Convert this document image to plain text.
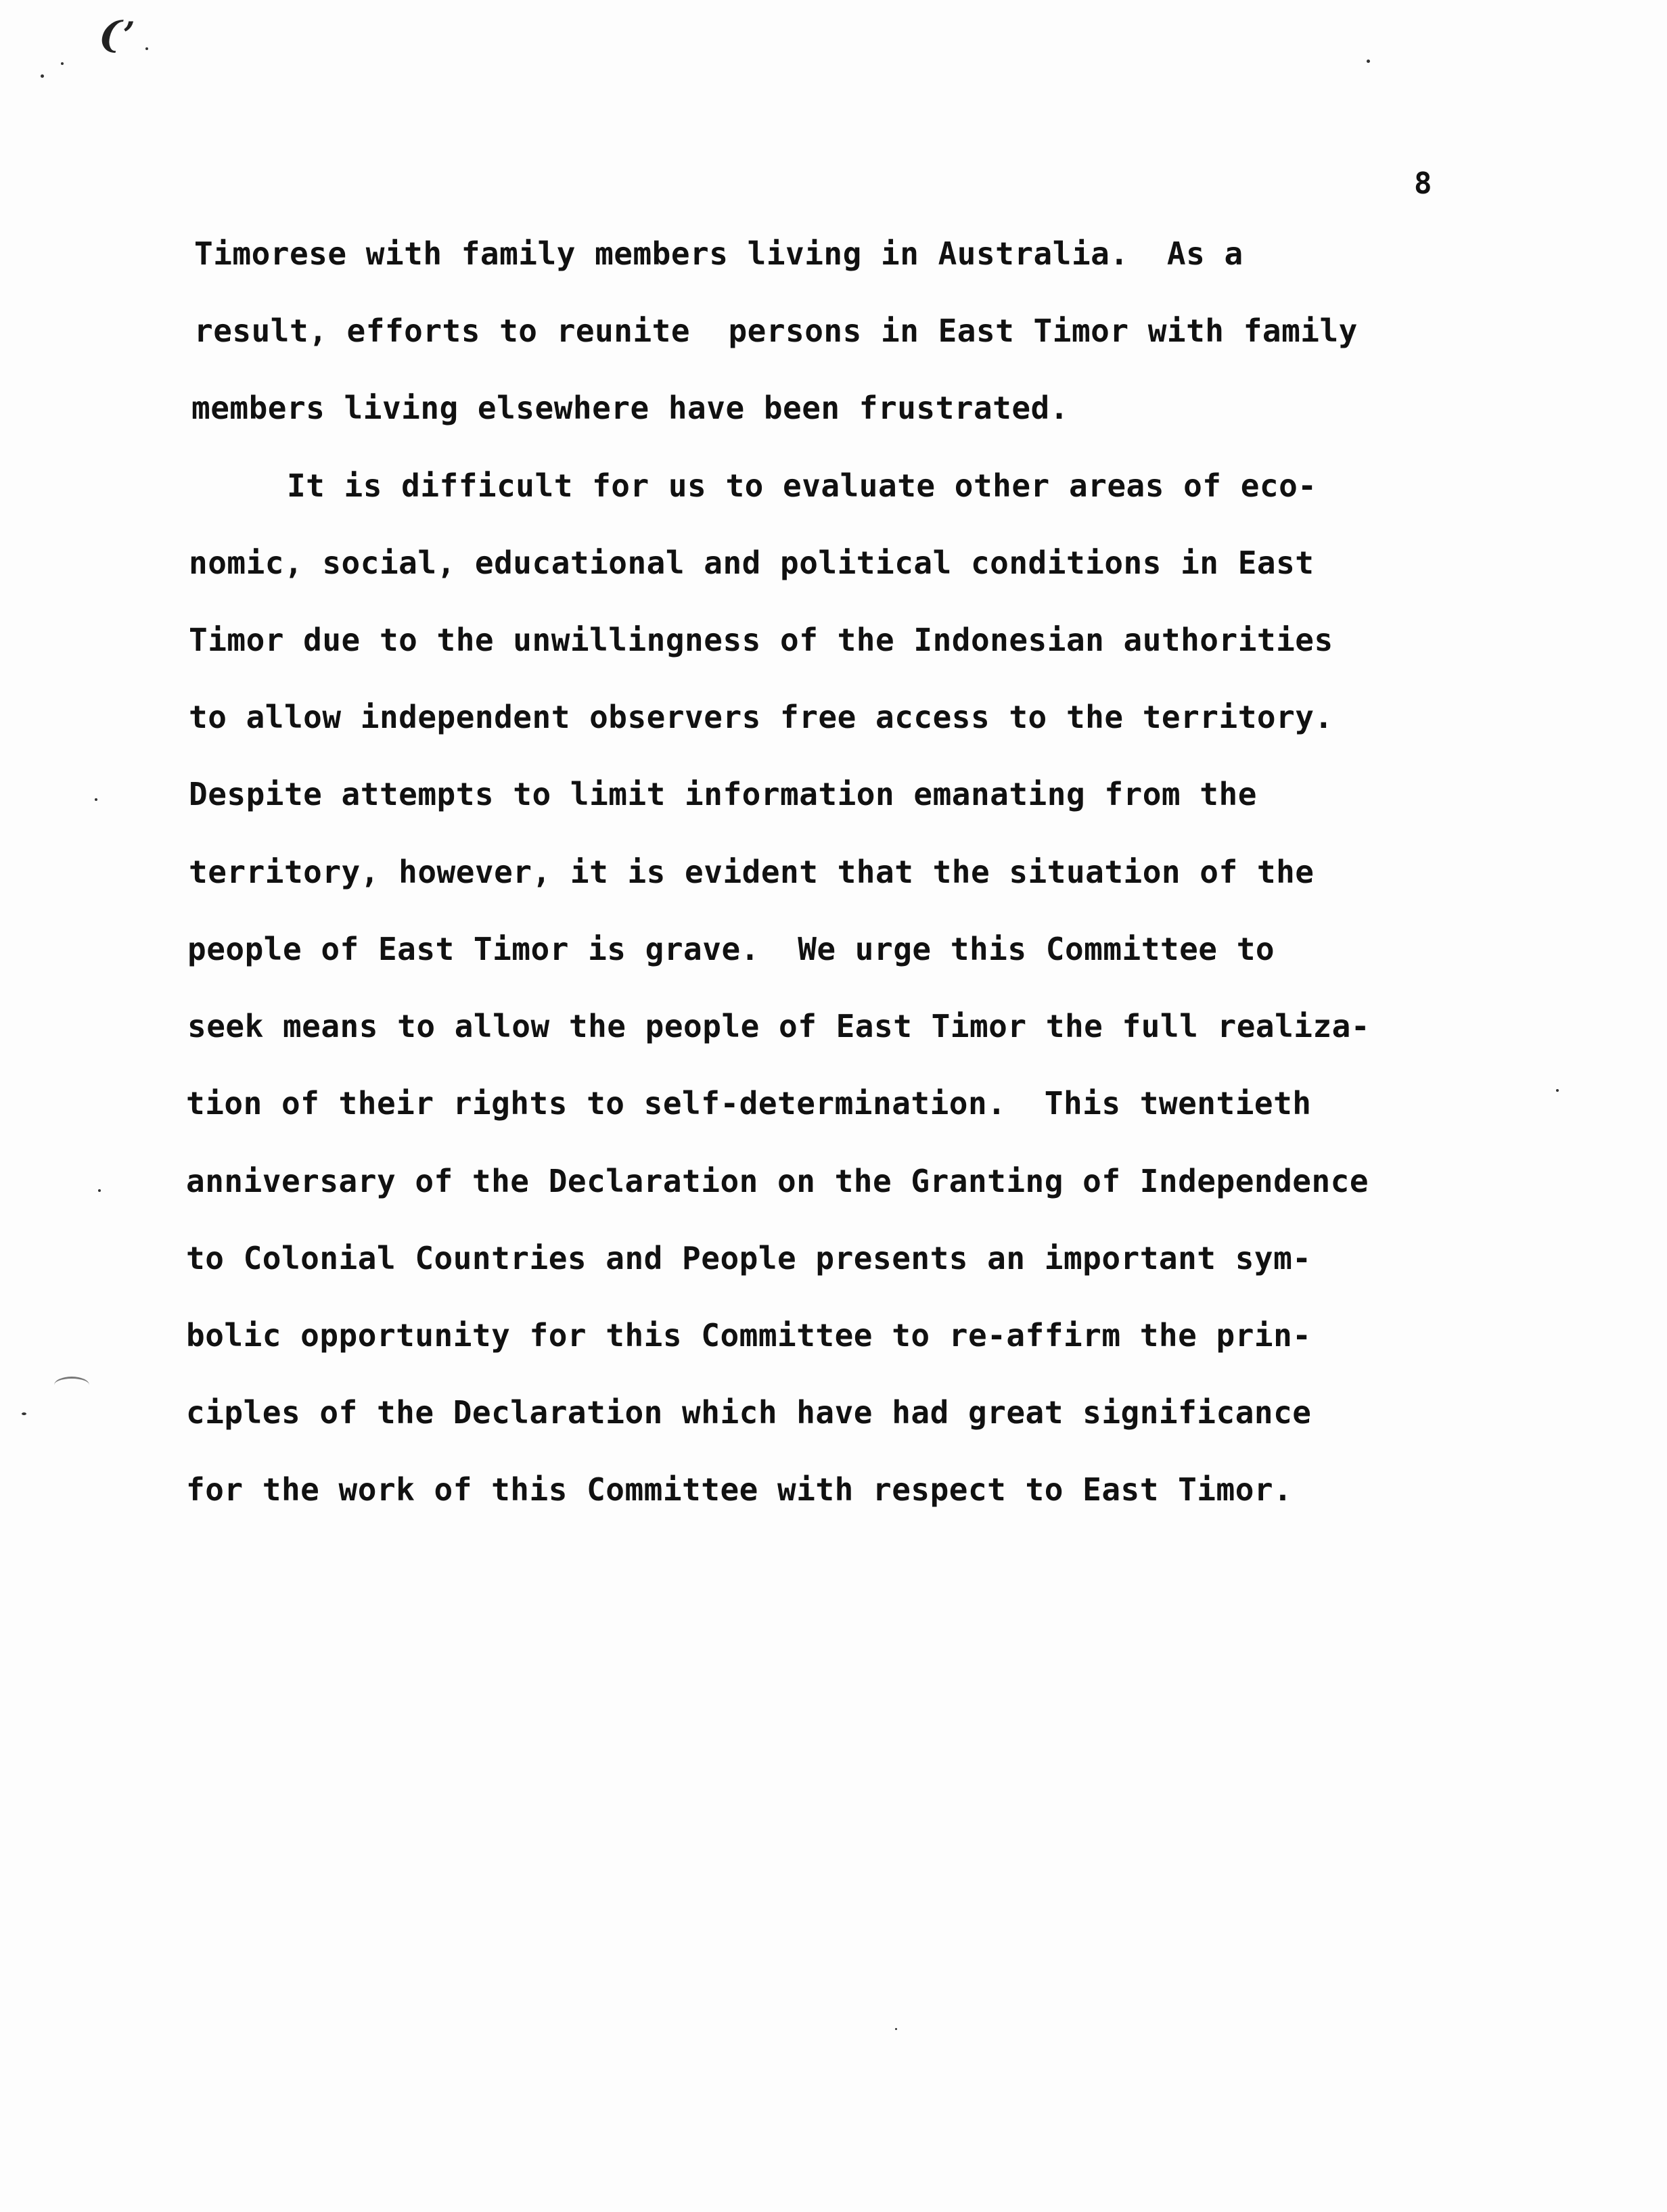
❨’
8
Timorese with family members living in Australia.  As a
result, efforts to reunite  persons in East Timor with family
members living elsewhere have been frustrated.
It is difficult for us to evaluate other areas of eco-
nomic, social, educational and political conditions in East
Timor due to the unwillingness of the Indonesian authorities
to allow independent observers free access to the territory.
Despite attempts to limit information emanating from the
territory, however, it is evident that the situation of the
people of East Timor is grave.  We urge this Committee to
seek means to allow the people of East Timor the full realiza-
tion of their rights to self-determination.  This twentieth
anniversary of the Declaration on the Granting of Independence
to Colonial Countries and People presents an important sym-
bolic opportunity for this Committee to re-affirm the prin-
ciples of the Declaration which have had great significance
for the work of this Committee with respect to East Timor.
